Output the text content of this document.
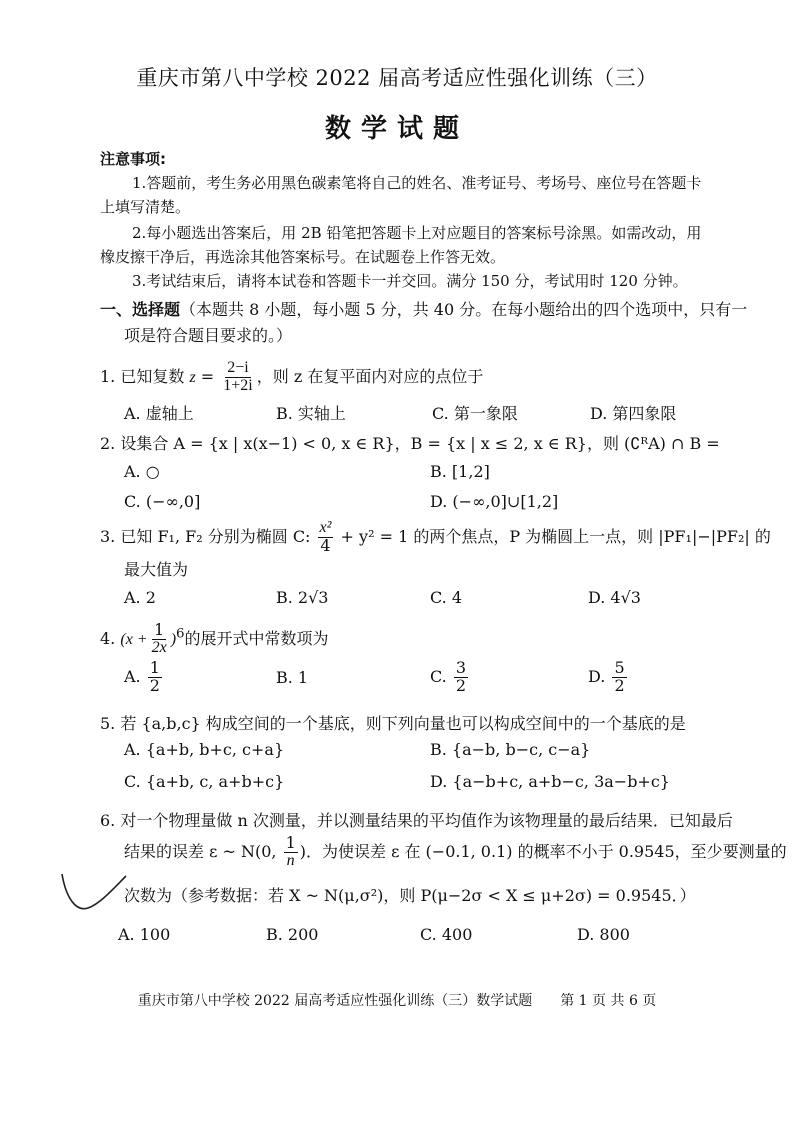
重庆市第八中学校 2022 届高考适应性强化训练（三）
数学试题
注意事项:
1.答题前，考生务必用黑色碳素笔将自己的姓名、准考证号、考场号、座位号在答题卡
上填写清楚。
2.每小题选出答案后，用 2B 铅笔把答题卡上对应题目的答案标号涂黑。如需改动，用
橡皮擦干净后，再选涂其他答案标号。在试题卷上作答无效。
3.考试结束后，请将本试卷和答题卡一并交回。满分 150 分，考试用时 120 分钟。
一、选择题（本题共 8 小题，每小题 5 分，共 40 分。在每小题给出的四个选项中，只有一
项是符合题目要求的。）
1. 已知复数 $z = \frac{2-i}{1+2i}$ ，则 z 在复平面内对应的点位于
A. 虚轴上	B. 实轴上	C. 第一象限	D. 第四象限
2. 设集合 A = {x | x(x−1) < 0, x ∈ R}，B = {x | x ≤ 2, x ∈ R}，则 (∁ᴿA) ∩ B =
A. ○	B. [1,2]
C. (−∞,0]	D. (−∞,0]∪[1,2]
3. 已知 F₁, F₂ 分别为椭圆 C: $\frac{\text{x²}}{4} + y^2 = 1$ 的两个焦点，P 为椭圆上一点，则 |PF₁|−|PF₂| 的
最大值为
A. 2	B. 2√3	C. 4	D. 4√3
4. $(x + \frac{1}{2x} )^6$的展开式中常数项为
A. $\frac{1}{2}$	B. 1	C. $\frac{3}{2}$	D. $\frac{5}{2}$
5. 若 {a,b,c} 构成空间的一个基底，则下列向量也可以构成空间中的一个基底的是
A. {a+b, b+c, c+a}	B. {a−b, b−c, c−a}
C. {a+b, c, a+b+c}	D. {a−b+c, a+b−c, 3a−b+c}
6. 对一个物理量做 n 次测量，并以测量结果的平均值作为该物理量的最后结果．已知最后
结果的误差 ε ~ N(0, $\frac{1}{n}$ )．为使误差 ε 在 (−0.1, 0.1) 的概率不小于 0.9545，至少要测量的
次数为（参考数据：若 X ~ N(μ,σ²)，则 P(μ−2σ < X ≤ μ+2σ) = 0.9545．）
A. 100	B. 200	C. 400	D. 800
重庆市第八中学校 2022 届高考适应性强化训练（三）数学试题　　第 1 页 共 6 页
